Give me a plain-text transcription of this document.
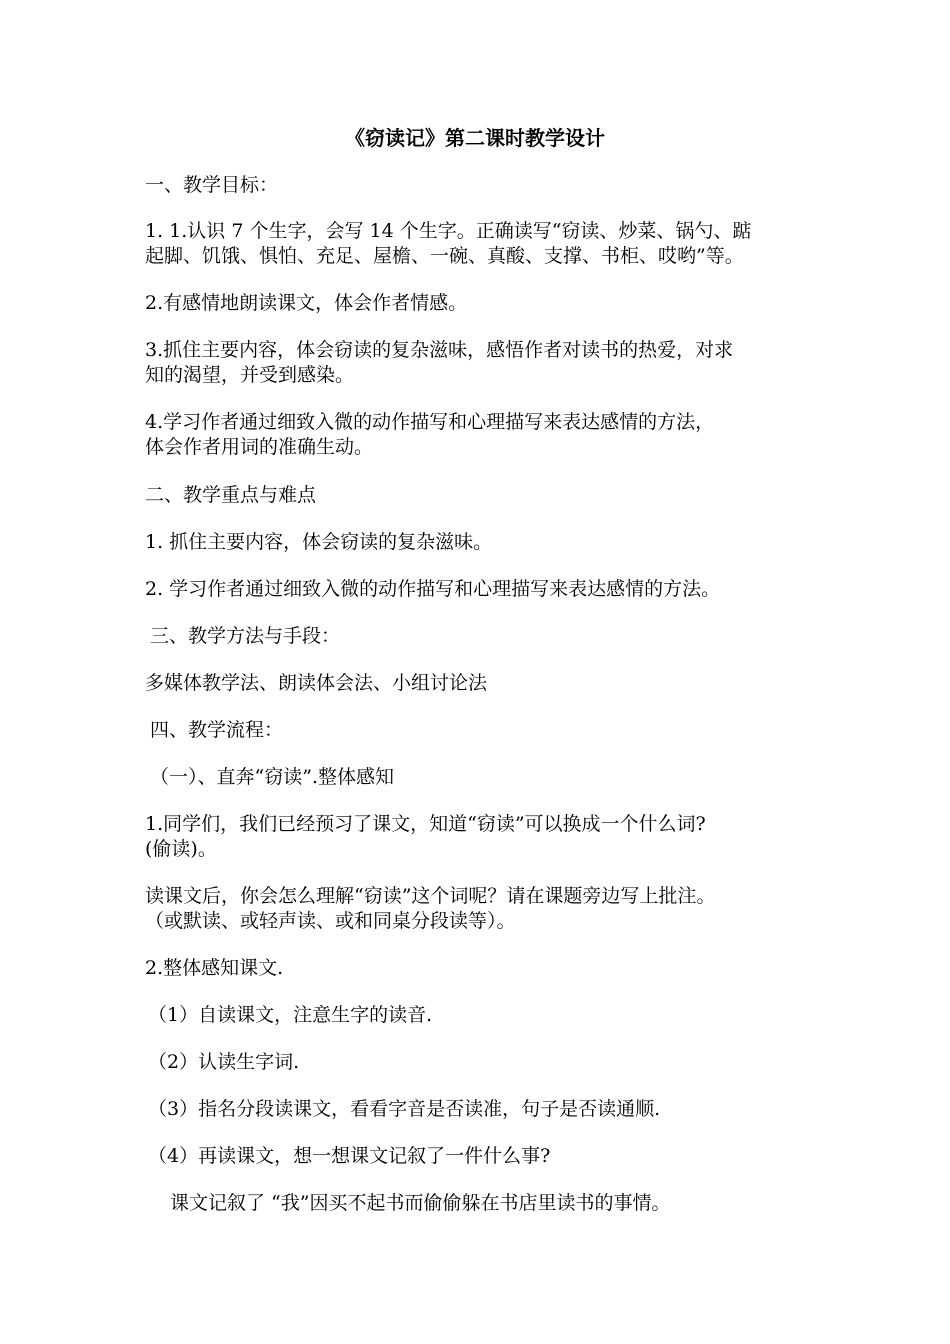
《窃读记》第二课时教学设计
一、教学目标：
1. 1.认识 7 个生字，会写 14 个生字。正确读写“窃读、炒菜、锅勺、踮
起脚、饥饿、惧怕、充足、屋檐、一碗、真酸、支撑、书柜、哎哟”等。
2.有感情地朗读课文，体会作者情感。
3.抓住主要内容，体会窃读的复杂滋味，感悟作者对读书的热爱，对求
知的渴望，并受到感染。
4.学习作者通过细致入微的动作描写和心理描写来表达感情的方法，
体会作者用词的准确生动。
二、教学重点与难点
1. 抓住主要内容，体会窃读的复杂滋味。
2. 学习作者通过细致入微的动作描写和心理描写来表达感情的方法。
三、教学方法与手段：
多媒体教学法、朗读体会法、小组讨论法
四、教学流程：
（一）、直奔“窃读”.整体感知
1.同学们，我们已经预习了课文，知道“窃读”可以换成一个什么词?
(偷读)。
读课文后，你会怎么理解“窃读”这个词呢？请在课题旁边写上批注。
（或默读、或轻声读、或和同桌分段读等）。
2.整体感知课文.
（1）自读课文，注意生字的读音.
（2）认读生字词.
（3）指名分段读课文，看看字音是否读准，句子是否读通顺.
（4）再读课文，想一想课文记叙了一件什么事?
课文记叙了 “我”因买不起书而偷偷躲在书店里读书的事情。
